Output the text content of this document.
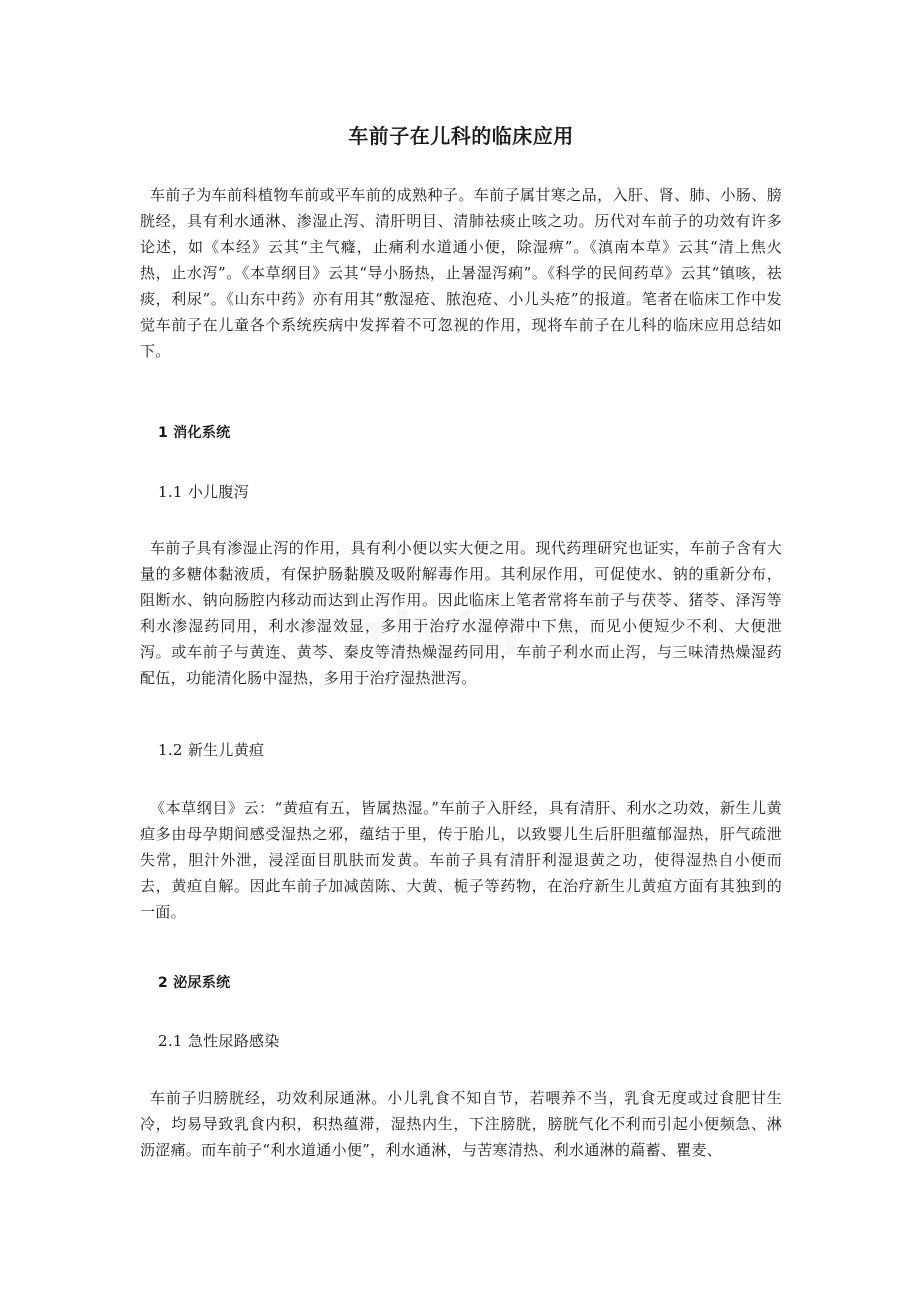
车前子在儿科的临床应用

车前子为车前科植物车前或平车前的成熟种子。车前子属甘寒之品，入肝、肾、肺、小肠、膀胱经，具有利水通淋、渗湿止泻、清肝明目、清肺祛痰止咳之功。历代对车前子的功效有许多论述，如《本经》云其“主气癃，止痛利水道通小便，除湿痹”。《滇南本草》云其“清上焦火热，止水泻”。《本草纲目》云其“导小肠热，止暑湿泻痢”。《科学的民间药草》云其“镇咳，祛痰，利尿”。《山东中药》亦有用其“敷湿疮、脓泡疮、小儿头疮”的报道。笔者在临床工作中发觉车前子在儿童各个系统疾病中发挥着不可忽视的作用，现将车前子在儿科的临床应用总结如下。

1 消化系统

1.1 小儿腹泻

车前子具有渗湿止泻的作用，具有利小便以实大便之用。现代药理研究也证实，车前子含有大量的多糖体黏液质，有保护肠黏膜及吸附解毒作用。其利尿作用，可促使水、钠的重新分布，阻断水、钠向肠腔内移动而达到止泻作用。因此临床上笔者常将车前子与茯苓、猪苓、泽泻等利水渗湿药同用，利水渗湿效显，多用于治疗水湿停滞中下焦，而见小便短少不利、大便泄泻。或车前子与黄连、黄芩、秦皮等清热燥湿药同用，车前子利水而止泻，与三味清热燥湿药配伍，功能清化肠中湿热，多用于治疗湿热泄泻。

1.2 新生儿黄疸

《本草纲目》云：“黄疸有五，皆属热湿。”车前子入肝经，具有清肝、利水之功效，新生儿黄疸多由母孕期间感受湿热之邪，蕴结于里，传于胎儿，以致婴儿生后肝胆蕴郁湿热，肝气疏泄失常，胆汁外泄，浸淫面目肌肤而发黄。车前子具有清肝利湿退黄之功，使得湿热自小便而去，黄疸自解。因此车前子加减茵陈、大黄、栀子等药物，在治疗新生儿黄疸方面有其独到的一面。

2 泌尿系统

2.1 急性尿路感染

车前子归膀胱经，功效利尿通淋。小儿乳食不知自节，若喂养不当，乳食无度或过食肥甘生冷，均易导致乳食内积，积热蕴滞，湿热内生，下注膀胱，膀胱气化不利而引起小便频急、淋沥涩痛。而车前子“利水道通小便”，利水通淋，与苦寒清热、利水通淋的萹蓄、瞿麦、
